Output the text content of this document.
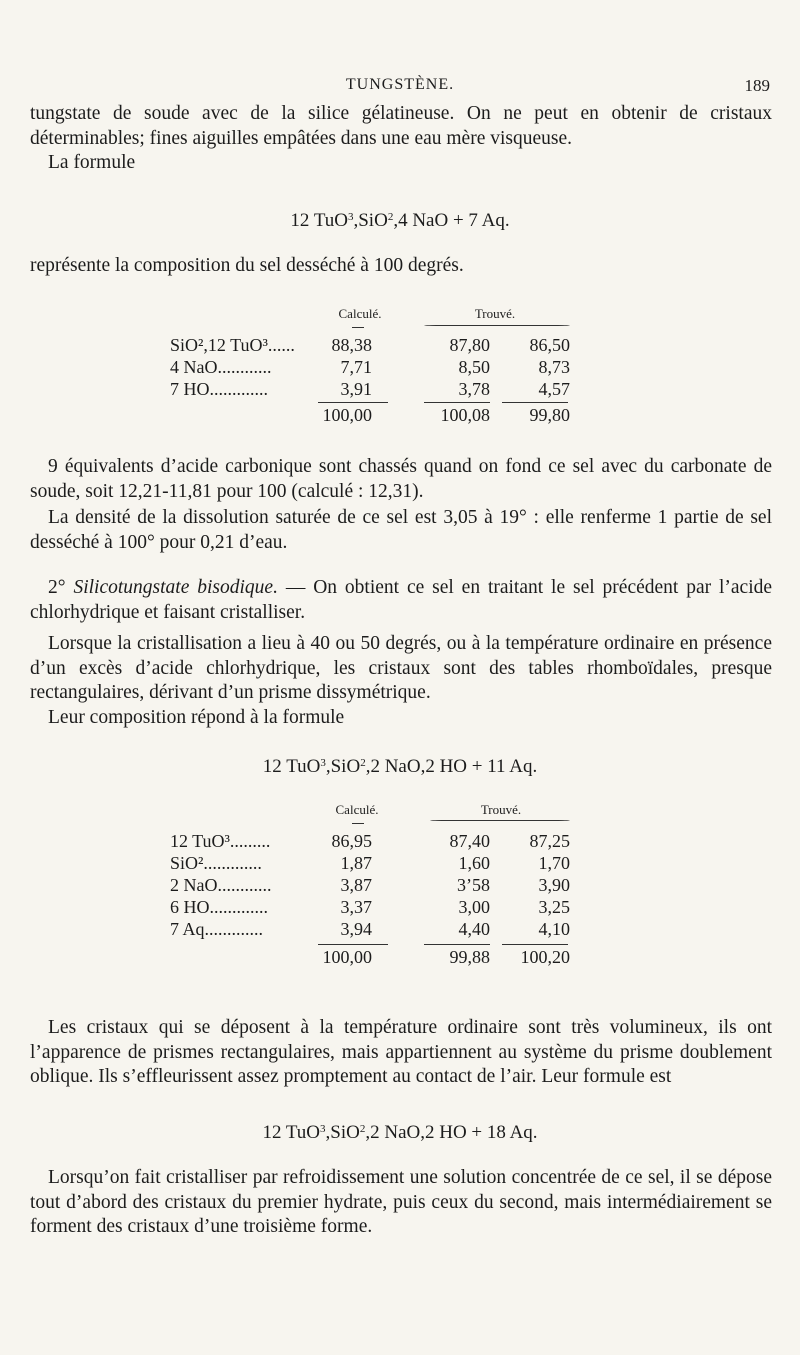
TUNGSTÈNE.	189
tungstate de soude avec de la silice gélatineuse. On ne peut en obtenir de cristaux déterminables; fines aiguilles empâtées dans une eau mère visqueuse.
La formule
12 TuO$^3$,SiO$^2$,4 NaO + 7 Aq.
représente la composition du sel desséché à 100 degrés.
Calculé.	Trouvé.
SiO²,12 TuO³......	88,38	87,80	86,50
4 NaO............	7,71	8,50	8,73
7 HO.............	3,91	3,78	4,57
	100,00	100,08	99,80
9 équivalents d’acide carbonique sont chassés quand on fond ce sel avec du carbonate de soude, soit 12,21-11,81 pour 100 (calculé : 12,31).
La densité de la dissolution saturée de ce sel est 3,05 à 19° : elle renferme 1 partie de sel desséché à 100° pour 0,21 d’eau.
2° Silicotungstate bisodique. — On obtient ce sel en traitant le sel précédent par l’acide chlorhydrique et faisant cristalliser.
Lorsque la cristallisation a lieu à 40 ou 50 degrés, ou à la température ordinaire en présence d’un excès d’acide chlorhydrique, les cristaux sont des tables rhomboïdales, presque rectangulaires, dérivant d’un prisme dissymétrique.
Leur composition répond à la formule
12 TuO$^3$,SiO$^2$,2 NaO,2 HO + 11 Aq.
Calculé.	Trouvé.
12 TuO³.........	86,95	87,40	87,25
SiO².............	1,87	1,60	1,70
2 NaO............	3,87	3’58	3,90
6 HO.............	3,37	3,00	3,25
7 Aq.............	3,94	4,40	4,10
	100,00	99,88	100,20
Les cristaux qui se déposent à la température ordinaire sont très volumineux, ils ont l’apparence de prismes rectangulaires, mais appartiennent au système du prisme doublement oblique. Ils s’effleurissent assez promptement au contact de l’air. Leur formule est
12 TuO$^3$,SiO$^2$,2 NaO,2 HO + 18 Aq.
Lorsqu’on fait cristalliser par refroidissement une solution concentrée de ce sel, il se dépose tout d’abord des cristaux du premier hydrate, puis ceux du second, mais intermédiairement se forment des cristaux d’une troisième forme.
